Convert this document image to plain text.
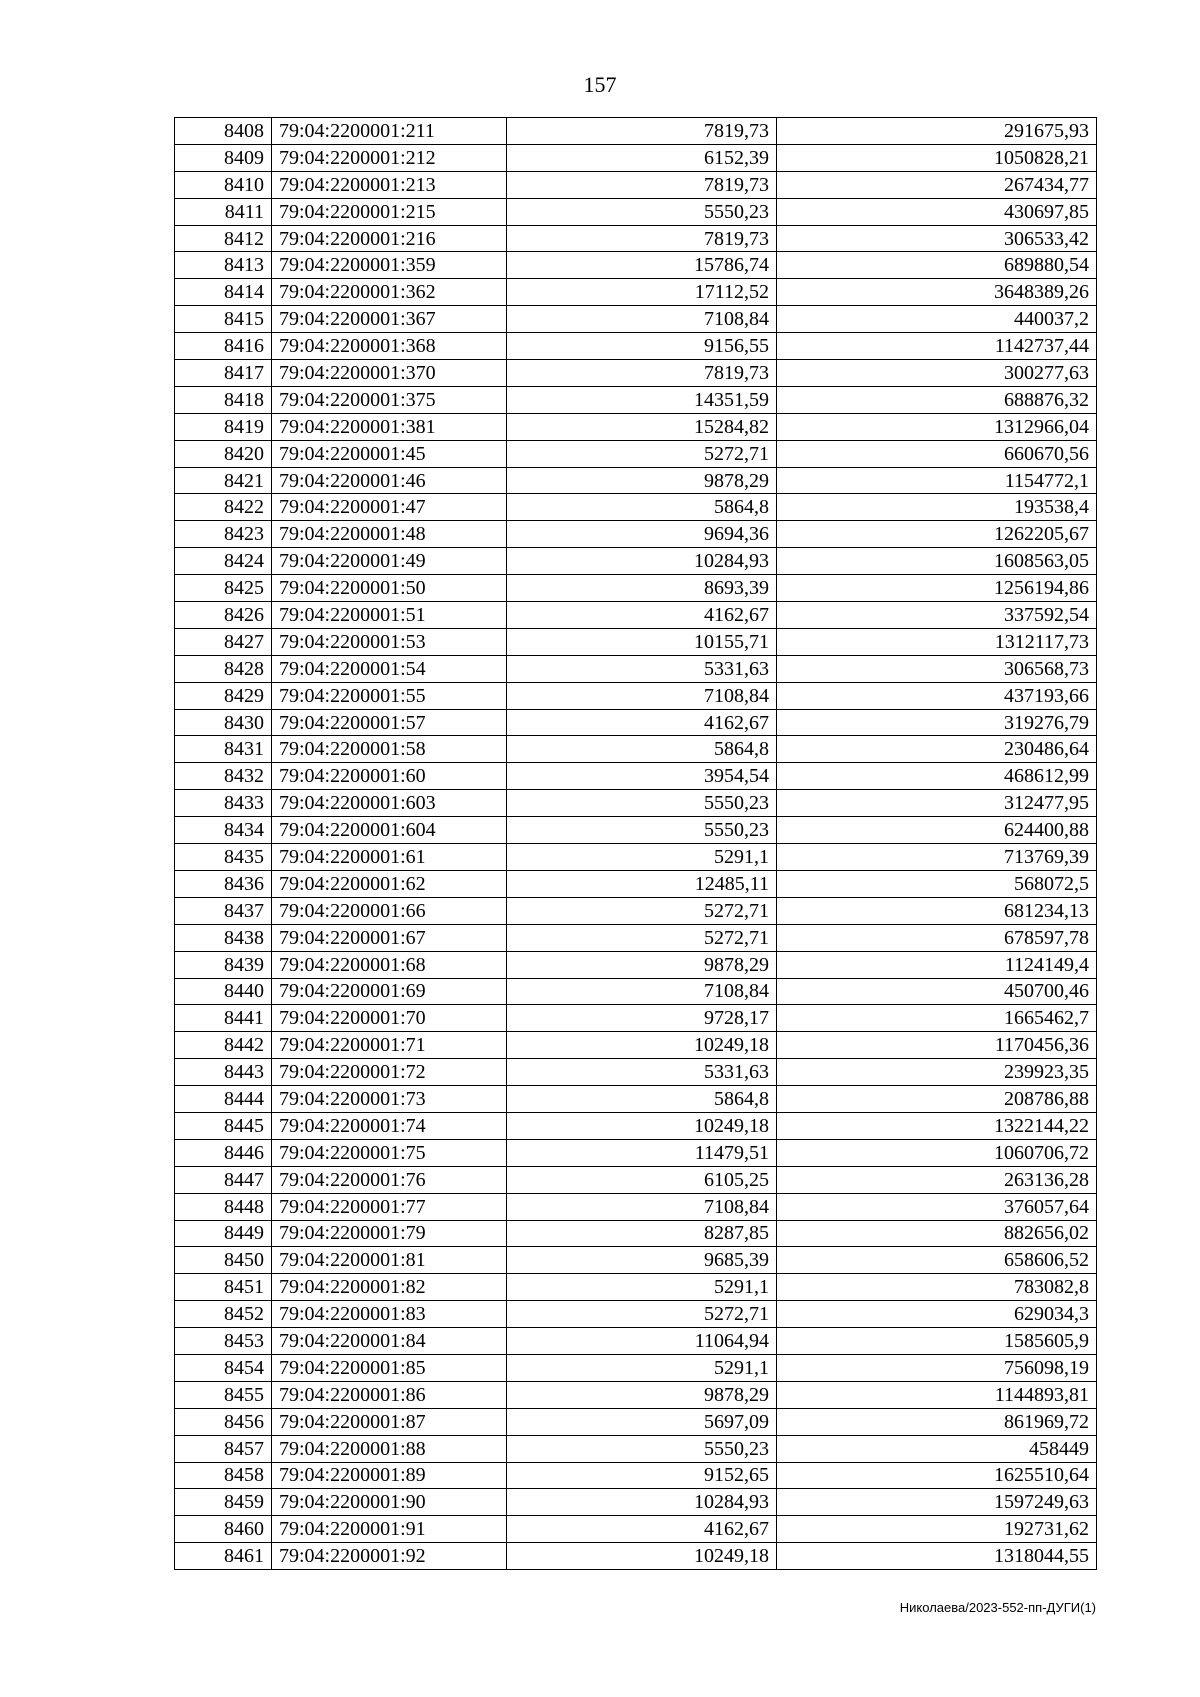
157
8408	79:04:2200001:211	7819,73	291675,93
8409	79:04:2200001:212	6152,39	1050828,21
8410	79:04:2200001:213	7819,73	267434,77
8411	79:04:2200001:215	5550,23	430697,85
8412	79:04:2200001:216	7819,73	306533,42
8413	79:04:2200001:359	15786,74	689880,54
8414	79:04:2200001:362	17112,52	3648389,26
8415	79:04:2200001:367	7108,84	440037,2
8416	79:04:2200001:368	9156,55	1142737,44
8417	79:04:2200001:370	7819,73	300277,63
8418	79:04:2200001:375	14351,59	688876,32
8419	79:04:2200001:381	15284,82	1312966,04
8420	79:04:2200001:45	5272,71	660670,56
8421	79:04:2200001:46	9878,29	1154772,1
8422	79:04:2200001:47	5864,8	193538,4
8423	79:04:2200001:48	9694,36	1262205,67
8424	79:04:2200001:49	10284,93	1608563,05
8425	79:04:2200001:50	8693,39	1256194,86
8426	79:04:2200001:51	4162,67	337592,54
8427	79:04:2200001:53	10155,71	1312117,73
8428	79:04:2200001:54	5331,63	306568,73
8429	79:04:2200001:55	7108,84	437193,66
8430	79:04:2200001:57	4162,67	319276,79
8431	79:04:2200001:58	5864,8	230486,64
8432	79:04:2200001:60	3954,54	468612,99
8433	79:04:2200001:603	5550,23	312477,95
8434	79:04:2200001:604	5550,23	624400,88
8435	79:04:2200001:61	5291,1	713769,39
8436	79:04:2200001:62	12485,11	568072,5
8437	79:04:2200001:66	5272,71	681234,13
8438	79:04:2200001:67	5272,71	678597,78
8439	79:04:2200001:68	9878,29	1124149,4
8440	79:04:2200001:69	7108,84	450700,46
8441	79:04:2200001:70	9728,17	1665462,7
8442	79:04:2200001:71	10249,18	1170456,36
8443	79:04:2200001:72	5331,63	239923,35
8444	79:04:2200001:73	5864,8	208786,88
8445	79:04:2200001:74	10249,18	1322144,22
8446	79:04:2200001:75	11479,51	1060706,72
8447	79:04:2200001:76	6105,25	263136,28
8448	79:04:2200001:77	7108,84	376057,64
8449	79:04:2200001:79	8287,85	882656,02
8450	79:04:2200001:81	9685,39	658606,52
8451	79:04:2200001:82	5291,1	783082,8
8452	79:04:2200001:83	5272,71	629034,3
8453	79:04:2200001:84	11064,94	1585605,9
8454	79:04:2200001:85	5291,1	756098,19
8455	79:04:2200001:86	9878,29	1144893,81
8456	79:04:2200001:87	5697,09	861969,72
8457	79:04:2200001:88	5550,23	458449
8458	79:04:2200001:89	9152,65	1625510,64
8459	79:04:2200001:90	10284,93	1597249,63
8460	79:04:2200001:91	4162,67	192731,62
8461	79:04:2200001:92	10249,18	1318044,55
Николаева/2023-552-пп-ДУГИ(1)
